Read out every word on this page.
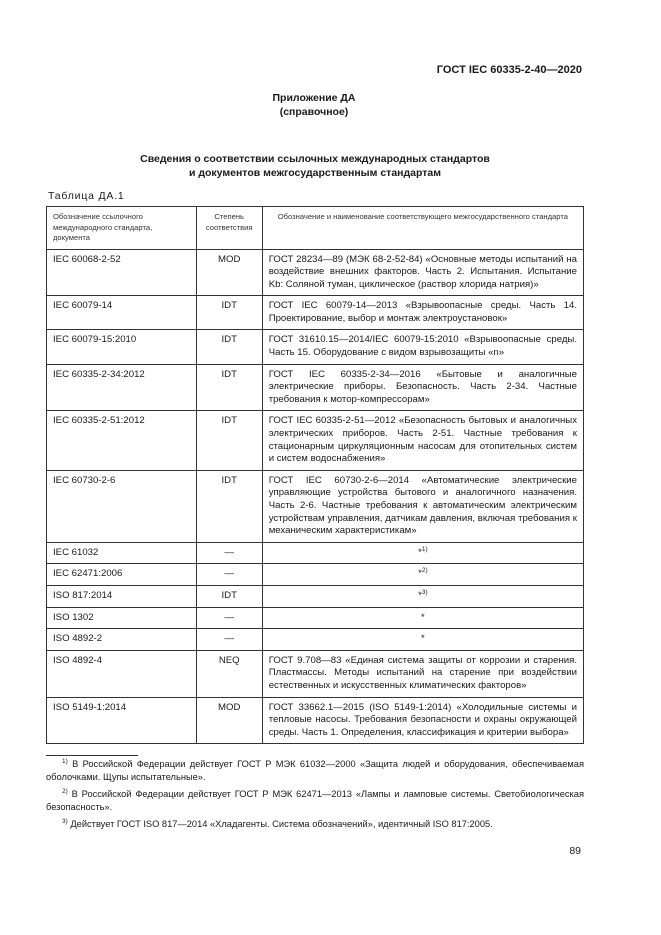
ГОСТ IEC 60335-2-40—2020
Приложение ДА
(справочное)
Сведения о соответствии ссылочных международных стандартов
и документов межгосударственным стандартам
Таблица ДА.1
Обозначение ссылочного международного стандарта, документа	Степень соответствия	Обозначение и наименование соответствующего межгосударственного стандарта
IEC 60068-2-52	MOD	ГОСТ 28234—89 (МЭК 68-2-52-84) «Основные методы испытаний на воздействие внешних факторов. Часть 2. Испытания. Испытание Kb: Соляной туман, циклическое (раствор хлорида натрия)»
IEC 60079-14	IDT	ГОСТ IEC 60079-14—2013 «Взрывоопасные среды. Часть 14. Проектирование, выбор и монтаж электроустановок»
IEC 60079-15:2010	IDT	ГОСТ 31610.15—2014/IEC 60079-15:2010 «Взрывоопасные среды. Часть 15. Оборудование с видом взрывозащиты «n»
IEC 60335-2-34:2012	IDT	ГОСТ IEC 60335-2-34—2016 «Бытовые и аналогичные электрические приборы. Безопасность. Часть 2-34. Частные требования к мотор-компрессорам»
IEC 60335-2-51:2012	IDT	ГОСТ IEC 60335-2-51—2012 «Безопасность бытовых и аналогичных электрических приборов. Часть 2-51. Частные требования к стационарным циркуляционным насосам для отопительных систем и систем водоснабжения»
IEC 60730-2-6	IDT	ГОСТ IEC 60730-2-6—2014 «Автоматические электрические управляющие устройства бытового и аналогичного назначения. Часть 2-6. Частные требования к автоматическим электрическим устройствам управления, датчикам давления, включая требования к механическим характеристикам»
IEC 61032	—	*$^{1)}$
IEC 62471:2006	—	*$^{2)}$
ISO 817:2014	IDT	*$^{3)}$
ISO 1302	—	*
ISO 4892-2	—	*
ISO 4892-4	NEQ	ГОСТ 9.708—83 «Единая система защиты от коррозии и старения. Пластмассы. Методы испытаний на старение при воздействии естественных и искусственных климатических факторов»
ISO 5149-1:2014	MOD	ГОСТ 33662.1—2015 (ISO 5149-1:2014) «Холодильные системы и тепловые насосы. Требования безопасности и охраны окружающей среды. Часть 1. Определения, классификация и критерии выбора»

$^{1)}$ В Российской Федерации действует ГОСТ Р МЭК 61032—2000 «Защита людей и оборудования, обеспечиваемая оболочками. Щупы испытательные».

$^{2)}$ В Российской Федерации действует ГОСТ Р МЭК 62471—2013 «Лампы и ламповые системы. Светобиологическая безопасность».

$^{3)}$ Действует ГОСТ ISO 817—2014 «Хладагенты. Система обозначений», идентичный ISO 817:2005.

89
